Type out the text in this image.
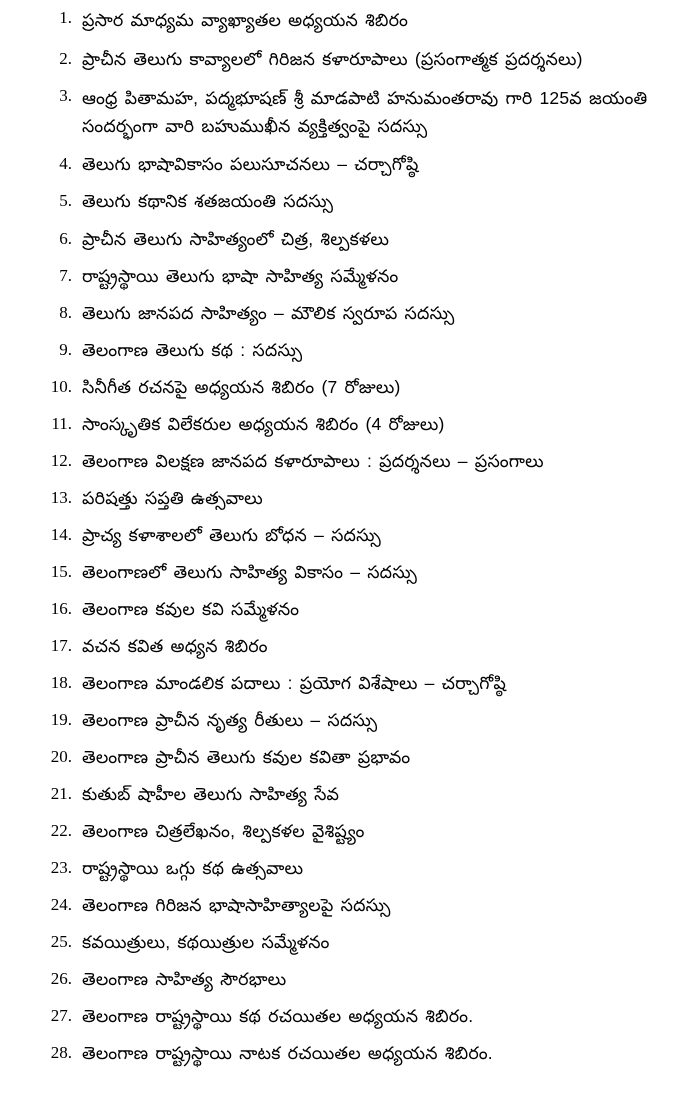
1. ప్రసార మాధ్యమ వ్యాఖ్యాతల అధ్యయన శిబిరం
2. ప్రాచీన తెలుగు కావ్యాలలో గిరిజన కళారూపాలు (ప్రసంగాత్మక ప్రదర్శనలు)
3. ఆంధ్ర పితామహ, పద్మభూషణ్ శ్రీ మాడపాటి హనుమంతరావు గారి 125వ జయంతి సందర్భంగా వారి బహుముఖీన వ్యక్తిత్వంపై సదస్సు
4. తెలుగు భాషావికాసం పలుసూచనలు – చర్చాగోష్ఠి
5. తెలుగు కథానిక శతజయంతి సదస్సు
6. ప్రాచీన తెలుగు సాహిత్యంలో చిత్ర, శిల్పకళలు
7. రాష్ట్రస్థాయి తెలుగు భాషా సాహిత్య సమ్మేళనం
8. తెలుగు జానపద సాహిత్యం – మౌలిక స్వరూప సదస్సు
9. తెలంగాణ తెలుగు కథ : సదస్సు
10. సినీగీత రచనపై అధ్యయన శిబిరం (7 రోజులు)
11. సాంస్కృతిక విలేకరుల అధ్యయన శిబిరం (4 రోజులు)
12. తెలంగాణ విలక్షణ జానపద కళారూపాలు : ప్రదర్శనలు – ప్రసంగాలు
13. పరిషత్తు సప్తతి ఉత్సవాలు
14. ప్రాచ్య కళాశాలలో తెలుగు బోధన – సదస్సు
15. తెలంగాణలో తెలుగు సాహిత్య వికాసం – సదస్సు
16. తెలంగాణ కవుల కవి సమ్మేళనం
17. వచన కవిత అధ్యన శిబిరం
18. తెలంగాణ మాండలిక పదాలు : ప్రయోగ విశేషాలు – చర్చాగోష్ఠి
19. తెలంగాణ ప్రాచీన నృత్య రీతులు – సదస్సు
20. తెలంగాణ ప్రాచీన తెలుగు కవుల కవితా ప్రభావం
21. కుతుబ్ షాహీల తెలుగు సాహిత్య సేవ
22. తెలంగాణ చిత్రలేఖనం, శిల్పకళల వైశిష్ట్యం
23. రాష్ట్రస్థాయి ఒగ్గు కథ ఉత్సవాలు
24. తెలంగాణ గిరిజన భాషాసాహిత్యాలపై సదస్సు
25. కవయిత్రులు, కథయిత్రుల సమ్మేళనం
26. తెలంగాణ సాహిత్య సౌరభాలు
27. తెలంగాణ రాష్ట్రస్థాయి కథ రచయితల అధ్యయన శిబిరం.
28. తెలంగాణ రాష్ట్రస్థాయి నాటక రచయితల అధ్యయన శిబిరం.
